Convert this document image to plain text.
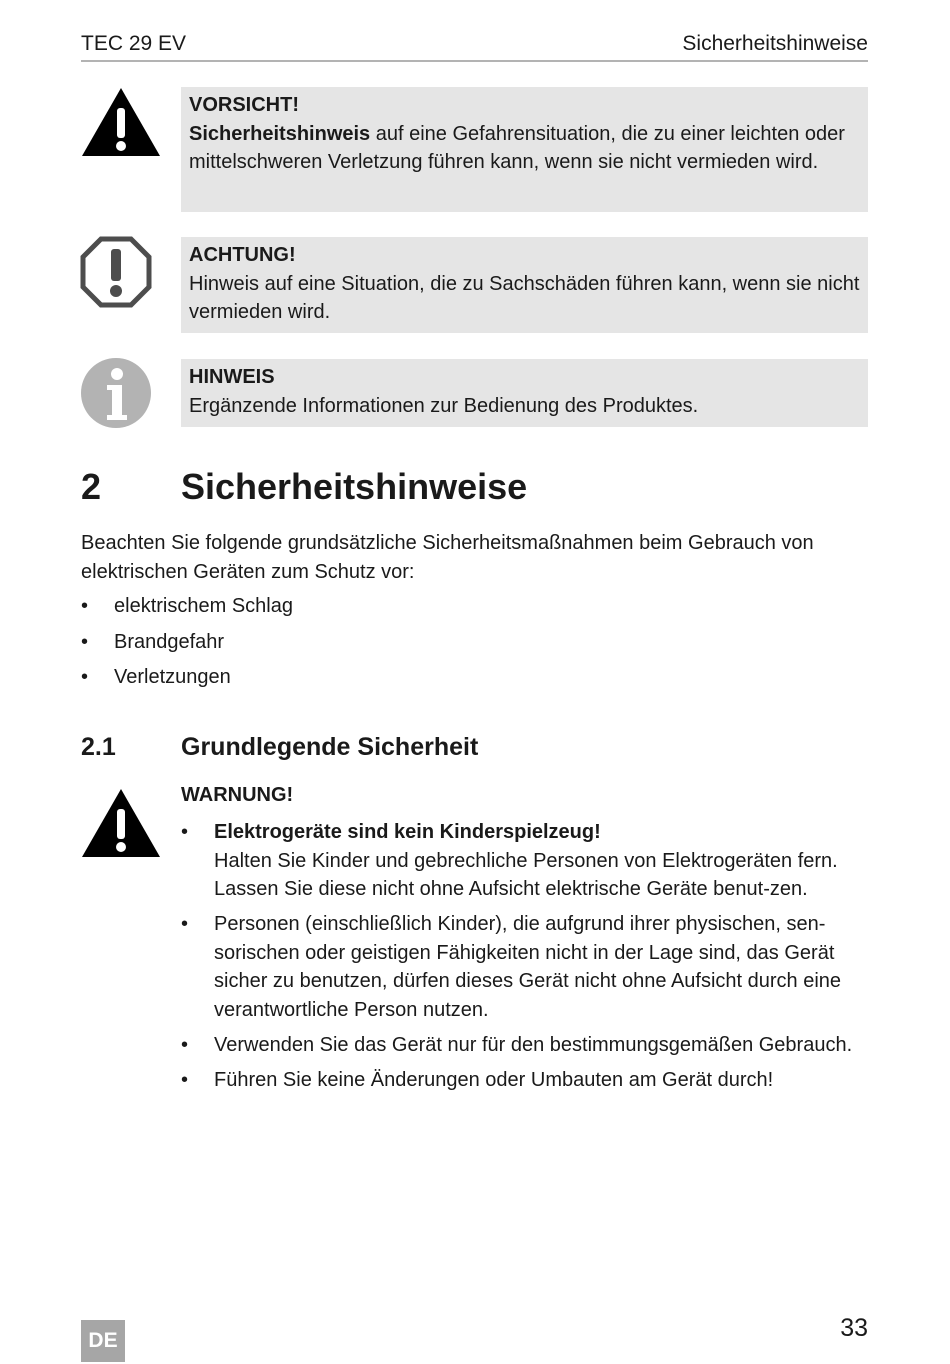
TEC 29 EV	Sicherheitshinweise
VORSICHT!
Sicherheitshinweis auf eine Gefahrensituation, die zu einer leichten oder mittelschweren Verletzung führen kann, wenn sie nicht vermieden wird.
ACHTUNG!
Hinweis auf eine Situation, die zu Sachschäden führen kann, wenn sie nicht vermieden wird.
HINWEIS
Ergänzende Informationen zur Bedienung des Produktes.
2 Sicherheitshinweise
Beachten Sie folgende grundsätzliche Sicherheitsmaßnahmen beim Gebrauch von elektrischen Geräten zum Schutz vor:
• elektrischem Schlag
• Brandgefahr
• Verletzungen
2.1	Grundlegende Sicherheit
WARNUNG!
• Elektrogeräte sind kein Kinderspielzeug!
Halten Sie Kinder und gebrechliche Personen von Elektrogeräten fern. Lassen Sie diese nicht ohne Aufsicht elektrische Geräte benut-zen.
• Personen (einschließlich Kinder), die aufgrund ihrer physischen, sen-sorischen oder geistigen Fähigkeiten nicht in der Lage sind, das Gerät sicher zu benutzen, dürfen dieses Gerät nicht ohne Aufsicht durch eine verantwortliche Person nutzen.
• Verwenden Sie das Gerät nur für den bestimmungsgemäßen Gebrauch.
• Führen Sie keine Änderungen oder Umbauten am Gerät durch!
DE	33
